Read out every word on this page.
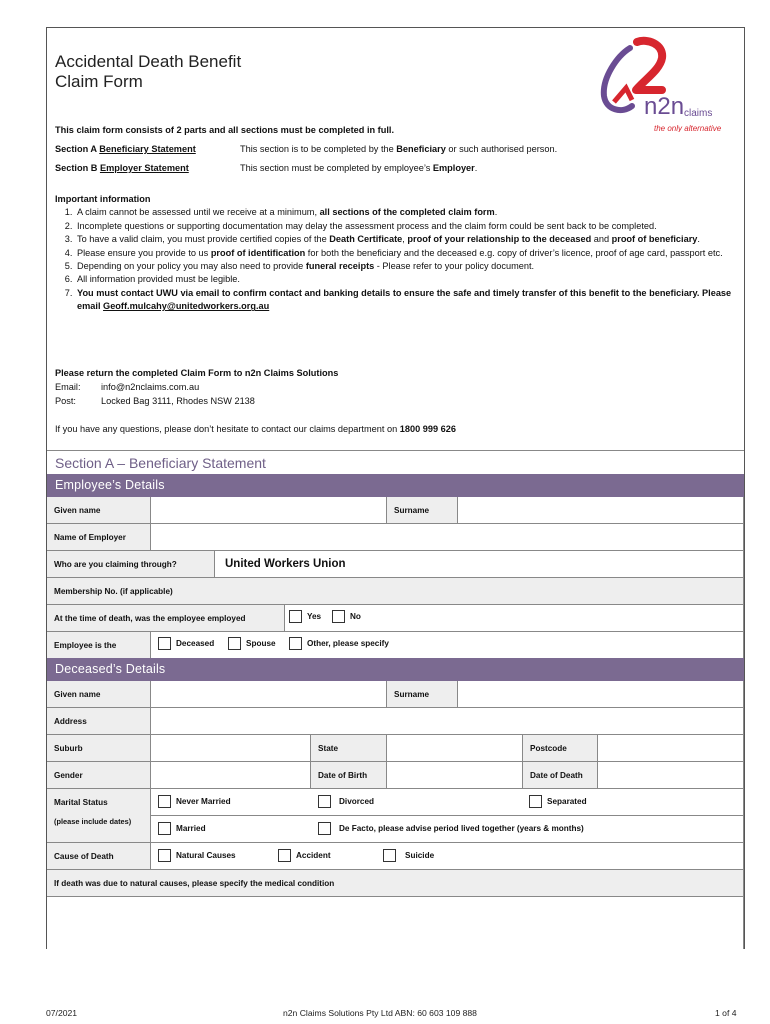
Accidental Death Benefit
Claim Form
n2n claims
the only alternative
This claim form consists of 2 parts and all sections must be completed in full.
Section A Beneficiary Statement	This section is to be completed by the Beneficiary or such authorised person.
Section B Employer Statement	This section must be completed by employee’s Employer.
Important information
1. A claim cannot be assessed until we receive at a minimum, all sections of the completed claim form.
2. Incomplete questions or supporting documentation may delay the assessment process and the claim form could be sent back to be completed.
3. To have a valid claim, you must provide certified copies of the Death Certificate, proof of your relationship to the deceased and proof of beneficiary.
4. Please ensure you provide to us proof of identification for both the beneficiary and the deceased e.g. copy of driver’s licence, proof of age card, passport etc.
5. Depending on your policy you may also need to provide funeral receipts - Please refer to your policy document.
6. All information provided must be legible.
7. You must contact UWU via email to confirm contact and banking details to ensure the safe and timely transfer of this benefit to the beneficiary. Please email Geoff.mulcahy@unitedworkers.org.au
Please return the completed Claim Form to n2n Claims Solutions
Email: info@n2nclaims.com.au
Post:	Locked Bag 3111, Rhodes NSW 2138
If you have any questions, please don’t hesitate to contact our claims department on 1800 999 626
Section A – Beneficiary Statement
Employee’s Details
Given name	Surname
Name of Employer
Who are you claiming through?	United Workers Union
Membership No. (if applicable)
At the time of death, was the employee employed	Yes	No
Employee is the	Deceased	Spouse	Other, please specify
Deceased’s Details
Given name	Surname
Address
Suburb	State	Postcode
Gender	Date of Birth	Date of Death
Marital Status
(please include dates)
Never Married	Divorced	Separated
Married	De Facto, please advise period lived together (years & months)
Cause of Death	Natural Causes	Accident	Suicide
If death was due to natural causes, please specify the medical condition
07/2021	n2n Claims Solutions Pty Ltd ABN: 60 603 109 888	1 of 4
